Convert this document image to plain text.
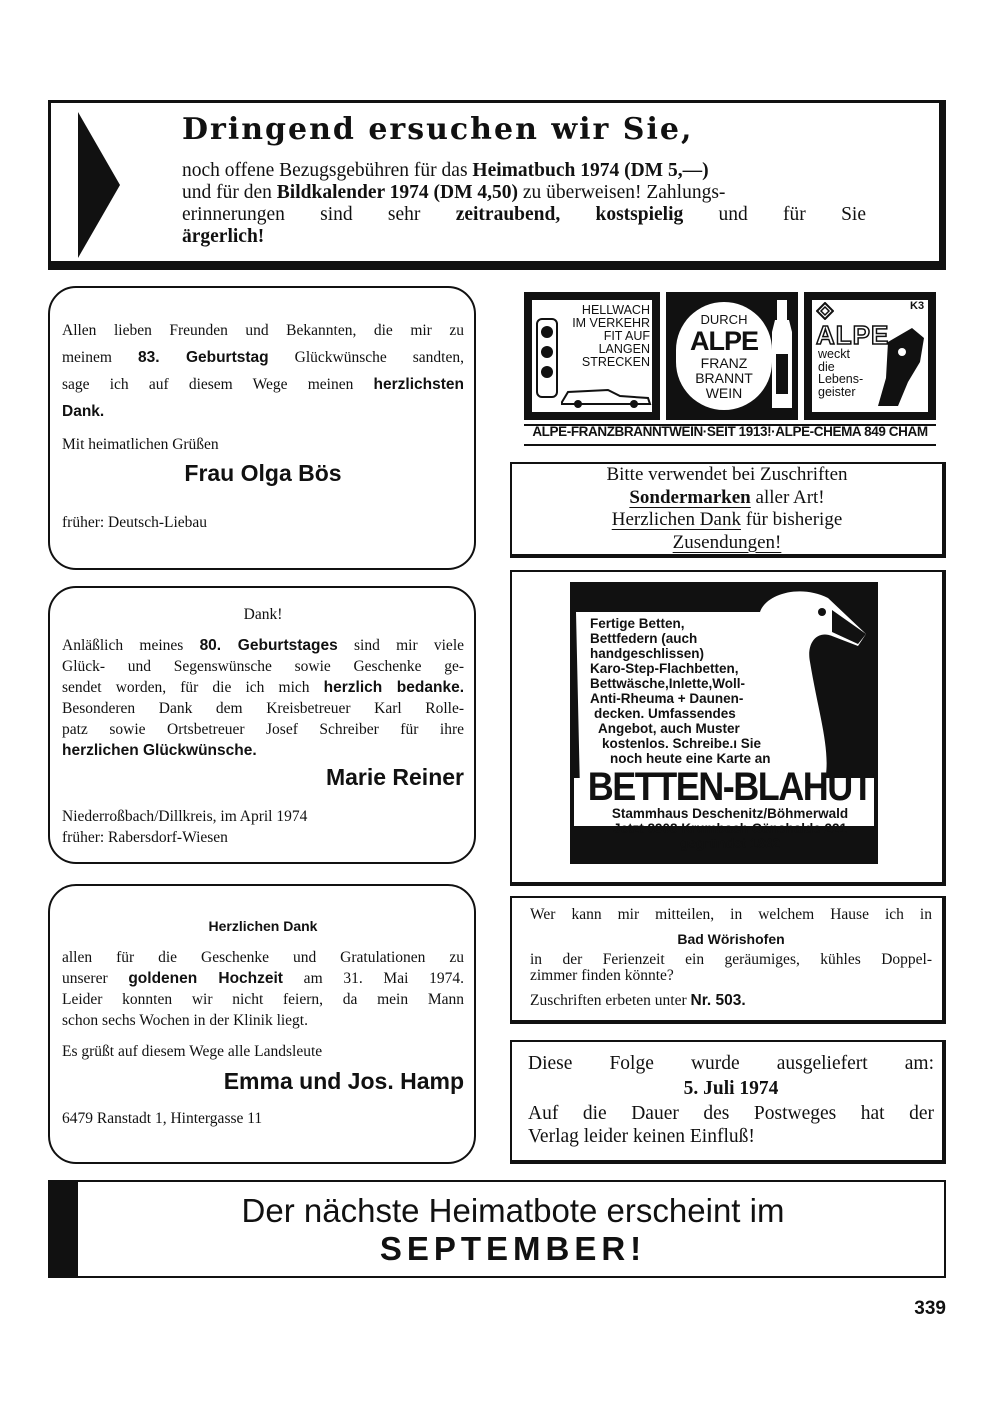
Dringend ersuchen wir Sie,
noch offene Bezugsgebühren für das Heimatbuch 1974 (DM 5,—)
und für den Bildkalender 1974 (DM 4,50) zu überweisen! Zahlungs-
erinnerungen sind sehr zeitraubend, kostspielig und für Sie
ärgerlich!
Allen lieben Freunden und Bekannten, die mir zu
meinem 83. Geburtstag Glückwünsche sandten,
sage ich auf diesem Wege meinen herzlichsten
Dank.
Mit heimatlichen Grüßen
Frau Olga Bös
früher: Deutsch-Liebau
Dank!
Anläßlich meines 80. Geburtstages sind mir viele
Glück- und Segenswünsche sowie Geschenke ge-
sendet worden, für die ich mich herzlich bedanke.
Besonderen Dank dem Kreisbetreuer Karl Rolle-
patz sowie Ortsbetreuer Josef Schreiber für ihre
herzlichen Glückwünsche.
Marie Reiner
Niederroßbach/Dillkreis, im April 1974
früher: Rabersdorf-Wiesen
Herzlichen Dank
allen für die Geschenke und Gratulationen zu
unserer goldenen Hochzeit am 31. Mai 1974.
Leider konnten wir nicht feiern, da mein Mann
schon sechs Wochen in der Klinik liegt.
Es grüßt auf diesem Wege alle Landsleute
Emma und Jos. Hamp
6479 Ranstadt 1, Hintergasse 11
HELLWACH
IM VERKEHR
FIT AUF
LANGEN
STRECKEN
DURCH
ALPE
FRANZ
BRANNT
WEIN
K3
ALPE
weckt
die
Lebens-
geister
ALPE-FRANZBRANNTWEIN·SEIT 1913!·ALPE-CHEMA 849 CHAM
Bitte verwendet bei Zuschriften
Sondermarken aller Art!
Herzlichen Dank für bisherige
Zusendungen!
Fertige Betten,
Bettfedern (auch
handgeschlissen)
Karo-Step-Flachbetten,
Bettwäsche,Inlette,Woll-
Anti-Rheuma + Daunen-
decken. Umfassendes
Angebot, auch Muster
kostenlos. Schreibe.ı Sie
noch heute eine Karte an
BETTEN-BLAHUT
Stammhaus Deschenitz/Böhmerwald
Jetzt 8908 Krumbach Gänshalde 221
gegründet 1882
Wer kann mir mitteilen, in welchem Hause ich in
Bad Wörishofen
in der Ferienzeit ein geräumiges, kühles Doppel-
zimmer finden könnte?
Zuschriften erbeten unter Nr. 503.
Diese Folge wurde ausgeliefert am:
5. Juli 1974
Auf die Dauer des Postweges hat der
Verlag leider keinen Einfluß!
Der nächste Heimatbote erscheint im
SEPTEMBER!
339
